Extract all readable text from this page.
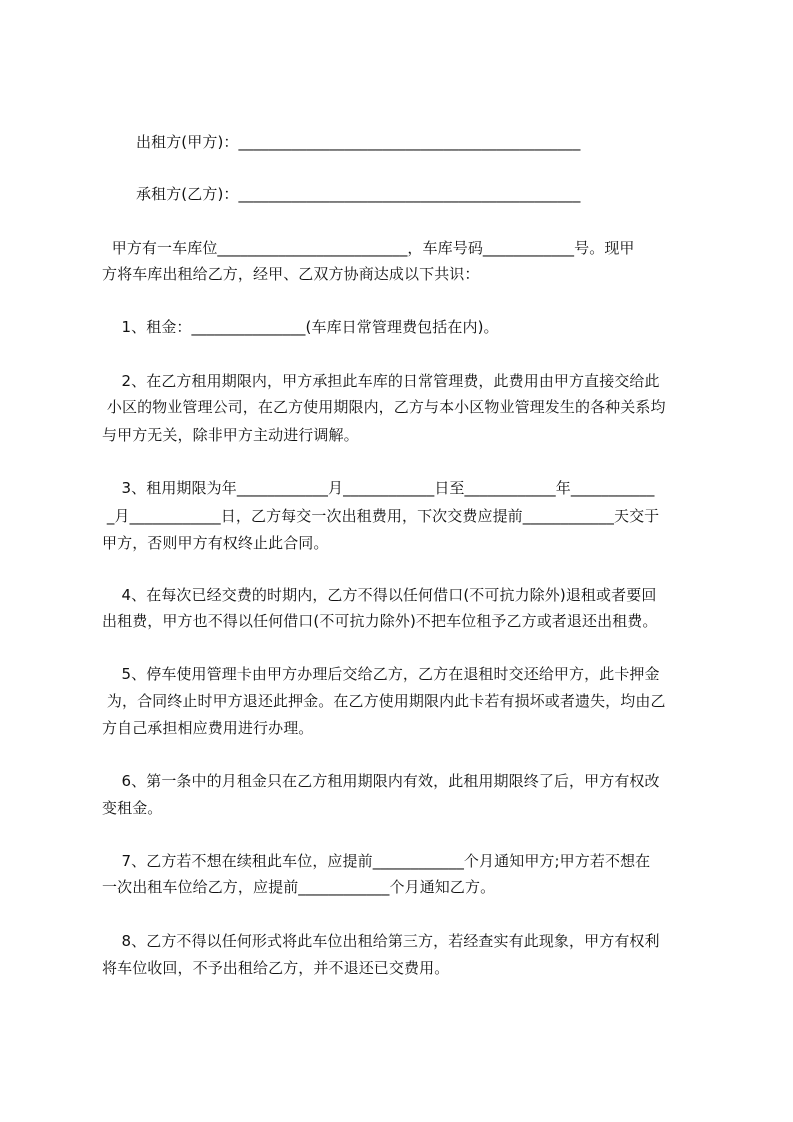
出租方(甲方)：_____________________________________________
承租方(乙方)：_____________________________________________
甲方有一车库位_________________________，车库号码____________号。现甲
方将车库出租给乙方，经甲、乙双方协商达成以下共识：
1、租金：_______________(车库日常管理费包括在内)。
2、在乙方租用期限内，甲方承担此车库的日常管理费，此费用由甲方直接交给此
小区的物业管理公司，在乙方使用期限内，乙方与本小区物业管理发生的各种关系均
与甲方无关，除非甲方主动进行调解。
3、租用期限为年____________月____________日至____________年___________
_月____________日，乙方每交一次出租费用，下次交费应提前____________天交于
甲方，否则甲方有权终止此合同。
4、在每次已经交费的时期内，乙方不得以任何借口(不可抗力除外)退租或者要回
出租费，甲方也不得以任何借口(不可抗力除外)不把车位租予乙方或者退还出租费。
5、停车使用管理卡由甲方办理后交给乙方，乙方在退租时交还给甲方，此卡押金
为，合同终止时甲方退还此押金。在乙方使用期限内此卡若有损坏或者遗失，均由乙
方自己承担相应费用进行办理。
6、第一条中的月租金只在乙方租用期限内有效，此租用期限终了后，甲方有权改
变租金。
7、乙方若不想在续租此车位，应提前____________个月通知甲方;甲方若不想在
一次出租车位给乙方，应提前____________个月通知乙方。
8、乙方不得以任何形式将此车位出租给第三方，若经查实有此现象，甲方有权利
将车位收回，不予出租给乙方，并不退还已交费用。
